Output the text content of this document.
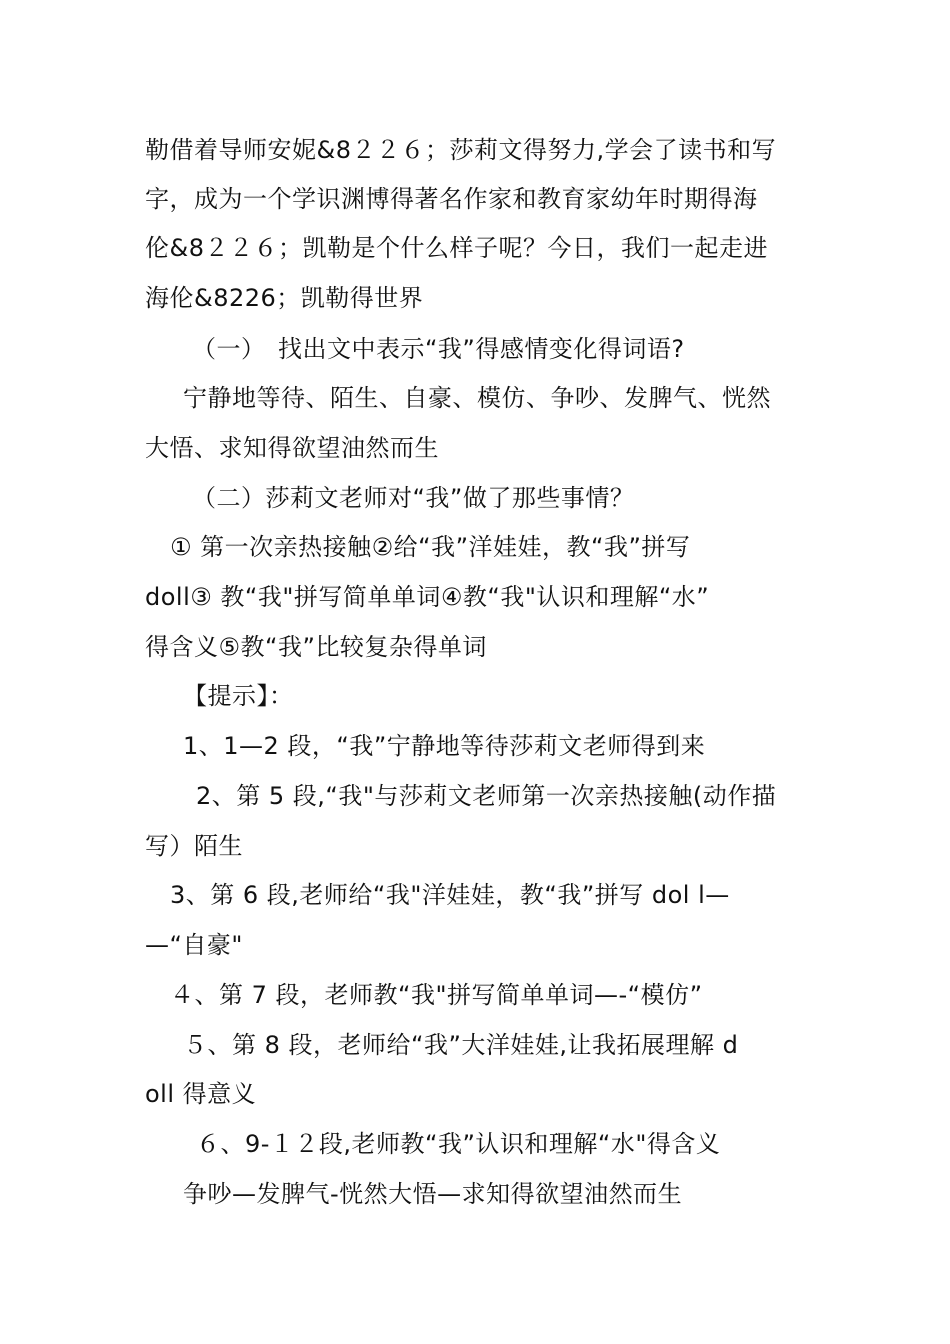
勒借着导师安妮&8２２６；莎莉文得努力,学会了读书和写
字，成为一个学识渊博得著名作家和教育家幼年时期得海
伦&8２２６；凯勒是个什么样子呢？今日，我们一起走进
海伦&8226；凯勒得世界
（一）　找出文中表示“我”得感情变化得词语?
宁静地等待、陌生、自豪、模仿、争吵、发脾气、恍然
大悟、求知得欲望油然而生
（二）莎莉文老师对“我”做了那些事情？
① 第一次亲热接触②给“我”洋娃娃，教“我”拼写
doll③ 教“我"拼写简单单词④教“我"认识和理解“水”
得含义⑤教“我”比较复杂得单词
【提示】：
1、1—2 段，“我”宁静地等待莎莉文老师得到来
2、第 5 段,“我"与莎莉文老师第一次亲热接触(动作描
写）陌生
3、第 6 段,老师给“我"洋娃娃，教“我”拼写 dol l—
—“自豪"
４、第 7 段，老师教“我"拼写简单单词—-“模仿”
５、第 8 段，老师给“我”大洋娃娃,让我拓展理解 d
oll 得意义
６、9-１２段,老师教“我”认识和理解“水"得含义
争吵—发脾气-恍然大悟—求知得欲望油然而生
